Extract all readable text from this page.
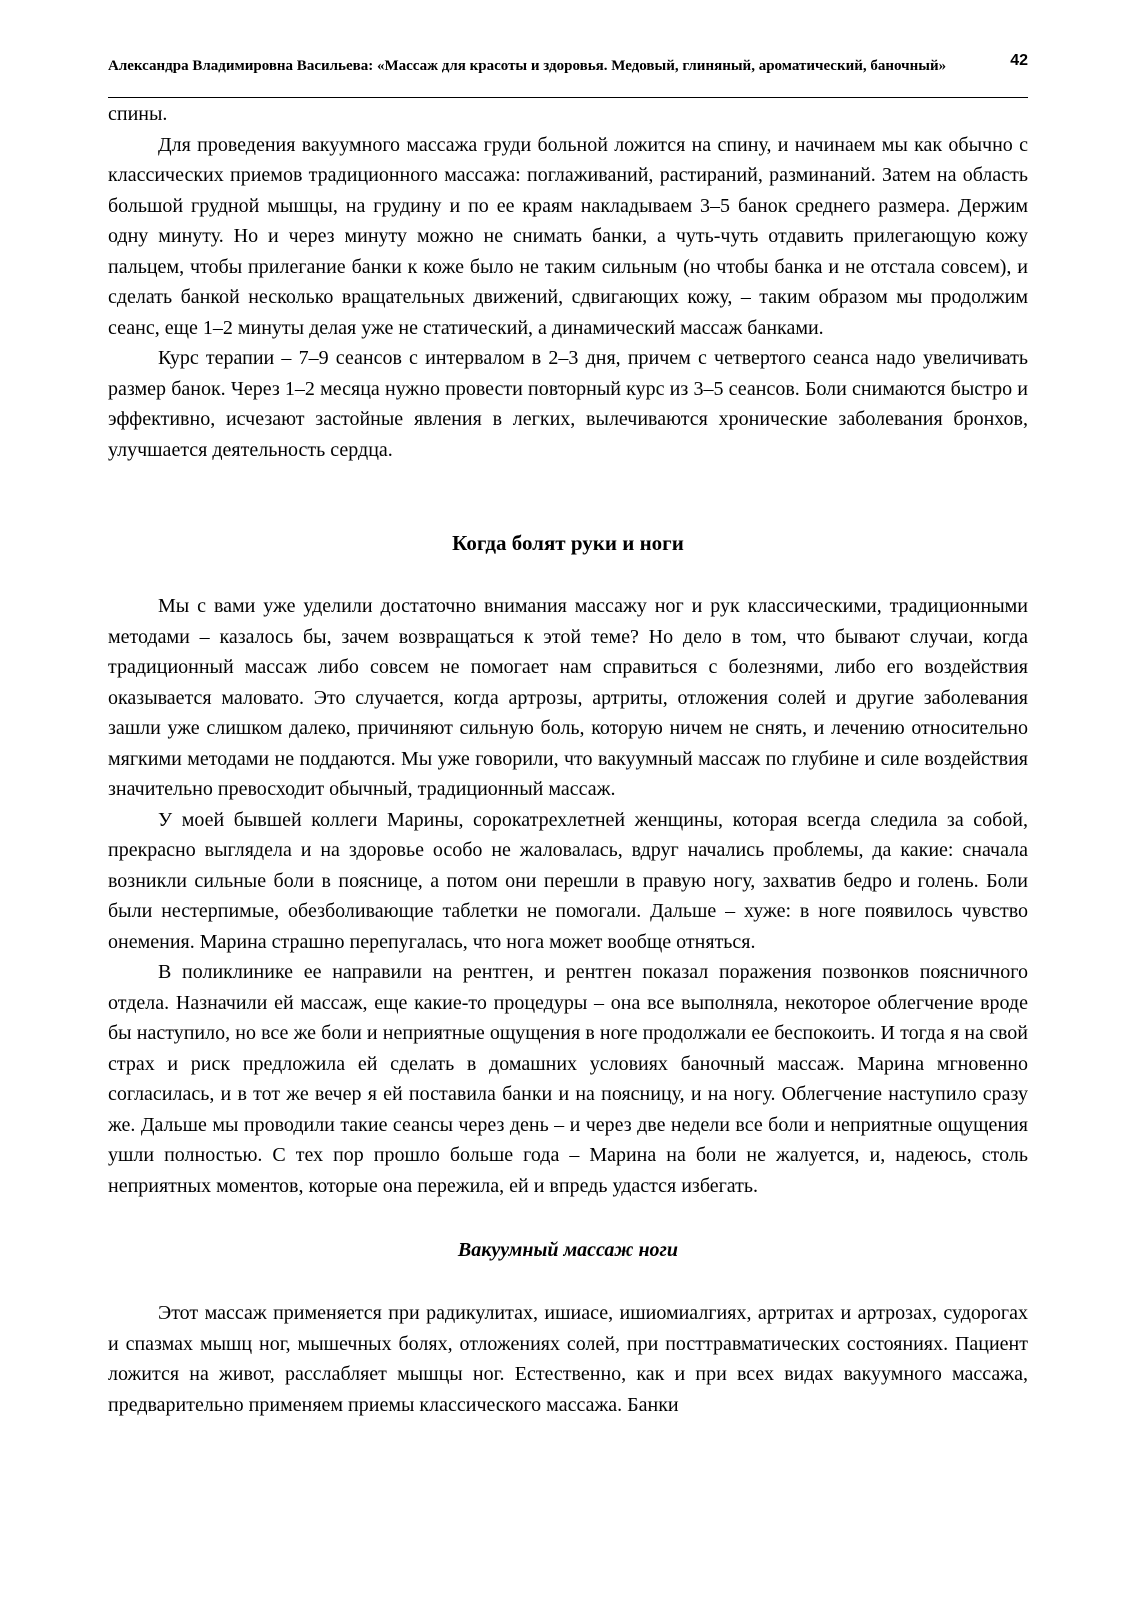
Александра Владимировна Васильева: «Массаж для красоты и здоровья. Медовый, глиняный, ароматический, баночный»	42

спины.

Для проведения вакуумного массажа груди больной ложится на спину, и начинаем мы как обычно с классических приемов традиционного массажа: поглаживаний, растираний, разминаний. Затем на область большой грудной мышцы, на грудину и по ее краям накладываем 3–5 банок среднего размера. Держим одну минуту. Но и через минуту можно не снимать банки, а чуть-чуть отдавить прилегающую кожу пальцем, чтобы прилегание банки к коже было не таким сильным (но чтобы банка и не отстала совсем), и сделать банкой несколько вращательных движений, сдвигающих кожу, – таким образом мы продолжим сеанс, еще 1–2 минуты делая уже не статический, а динамический массаж банками.

Курс терапии – 7–9 сеансов с интервалом в 2–3 дня, причем с четвертого сеанса надо увеличивать размер банок. Через 1–2 месяца нужно провести повторный курс из 3–5 сеансов. Боли снимаются быстро и эффективно, исчезают застойные явления в легких, вылечиваются хронические заболевания бронхов, улучшается деятельность сердца.

Когда болят руки и ноги

Мы с вами уже уделили достаточно внимания массажу ног и рук классическими, традиционными методами – казалось бы, зачем возвращаться к этой теме? Но дело в том, что бывают случаи, когда традиционный массаж либо совсем не помогает нам справиться с болезнями, либо его воздействия оказывается маловато. Это случается, когда артрозы, артриты, отложения солей и другие заболевания зашли уже слишком далеко, причиняют сильную боль, которую ничем не снять, и лечению относительно мягкими методами не поддаются. Мы уже говорили, что вакуумный массаж по глубине и силе воздействия значительно превосходит обычный, традиционный массаж.

У моей бывшей коллеги Марины, сорокатрехлетней женщины, которая всегда следила за собой, прекрасно выглядела и на здоровье особо не жаловалась, вдруг начались проблемы, да какие: сначала возникли сильные боли в пояснице, а потом они перешли в правую ногу, захватив бедро и голень. Боли были нестерпимые, обезболивающие таблетки не помогали. Дальше – хуже: в ноге появилось чувство онемения. Марина страшно перепугалась, что нога может вообще отняться.

В поликлинике ее направили на рентген, и рентген показал поражения позвонков поясничного отдела. Назначили ей массаж, еще какие-то процедуры – она все выполняла, некоторое облегчение вроде бы наступило, но все же боли и неприятные ощущения в ноге продолжали ее беспокоить. И тогда я на свой страх и риск предложила ей сделать в домашних условиях баночный массаж. Марина мгновенно согласилась, и в тот же вечер я ей поставила банки и на поясницу, и на ногу. Облегчение наступило сразу же. Дальше мы проводили такие сеансы через день – и через две недели все боли и неприятные ощущения ушли полностью. С тех пор прошло больше года – Марина на боли не жалуется, и, надеюсь, столь неприятных моментов, которые она пережила, ей и впредь удастся избегать.

Вакуумный массаж ноги

Этот массаж применяется при радикулитах, ишиасе, ишиомиалгиях, артритах и артрозах, судорогах и спазмах мышц ног, мышечных болях, отложениях солей, при посттравматических состояниях. Пациент ложится на живот, расслабляет мышцы ног. Естественно, как и при всех видах вакуумного массажа, предварительно применяем приемы классического массажа. Банки
